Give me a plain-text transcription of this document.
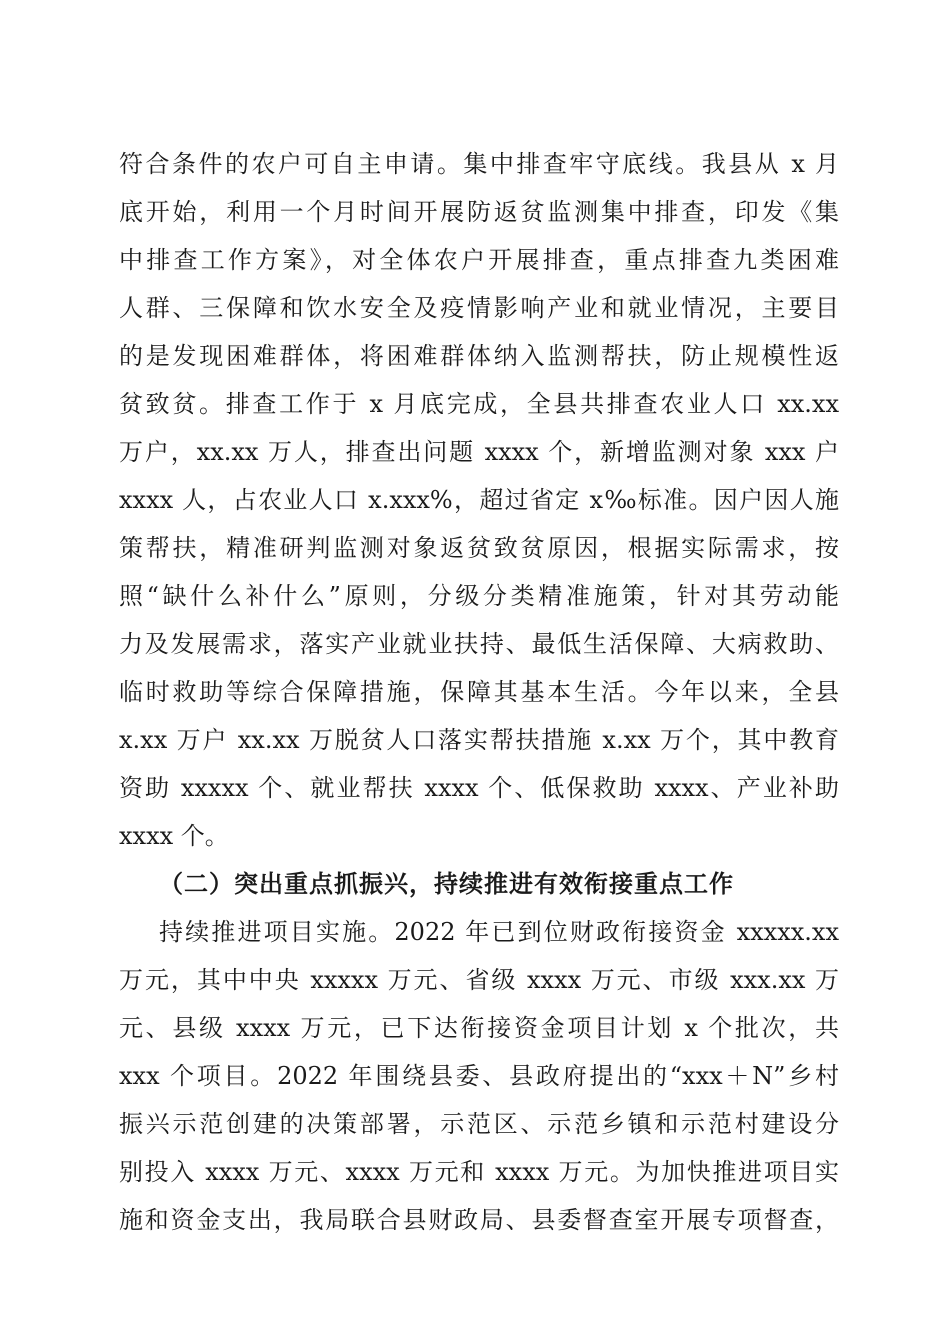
符合条件的农户可自主申请。集中排查牢守底线。我县从 x 月
底开始，利用一个月时间开展防返贫监测集中排查，印发《集
中排查工作方案》，对全体农户开展排查，重点排查九类困难
人群、三保障和饮水安全及疫情影响产业和就业情况，主要目
的是发现困难群体，将困难群体纳入监测帮扶，防止规模性返
贫致贫。排查工作于 x 月底完成，全县共排查农业人口 xx.xx
万户，xx.xx 万人，排查出问题 xxxx 个，新增监测对象 xxx 户
xxxx 人，占农业人口 x.xxx%，超过省定 x‰标准。因户因人施
策帮扶，精准研判监测对象返贫致贫原因，根据实际需求，按
照“缺什么补什么”原则，分级分类精准施策，针对其劳动能
力及发展需求，落实产业就业扶持、最低生活保障、大病救助、
临时救助等综合保障措施，保障其基本生活。今年以来，全县
x.xx 万户 xx.xx 万脱贫人口落实帮扶措施 x.xx 万个，其中教育
资助 xxxxx 个、就业帮扶 xxxx 个、低保救助 xxxx、产业补助
xxxx 个。
（二）突出重点抓振兴，持续推进有效衔接重点工作
持续推进项目实施。2022 年已到位财政衔接资金 xxxxx.xx
万元，其中中央 xxxxx 万元、省级 xxxx 万元、市级 xxx.xx 万
元、县级 xxxx 万元，已下达衔接资金项目计划 x 个批次，共
xxx 个项目。2022 年围绕县委、县政府提出的“xxx＋N”乡村
振兴示范创建的决策部署，示范区、示范乡镇和示范村建设分
别投入 xxxx 万元、xxxx 万元和 xxxx 万元。为加快推进项目实
施和资金支出，我局联合县财政局、县委督查室开展专项督查，
